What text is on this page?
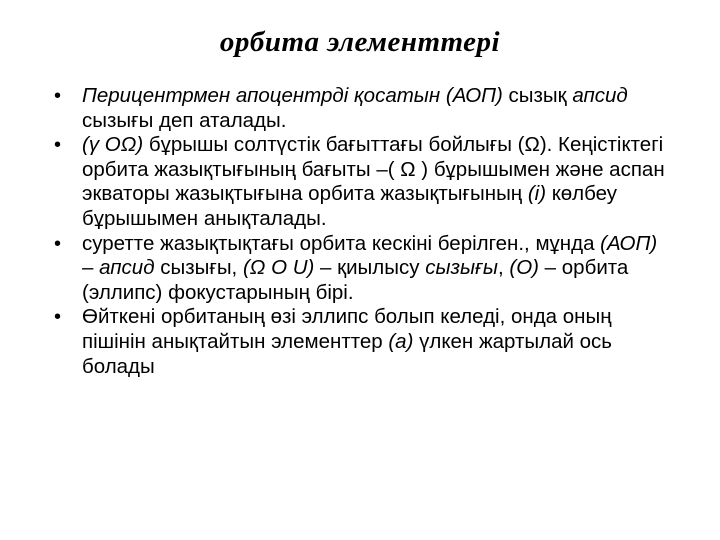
орбита элементтері
•	Перицентрмен апоцентрді қосатын (АОП) сызық апсид сызығы деп аталады.
•	(γ OΩ) бұрышы солтүстік бағыттағы бойлығы (Ω). Кеңістіктегі орбита жазықтығының бағыты –( Ω ) бұрышымен және аспан экваторы жазықтығына орбита жазықтығының (i) көлбеу бұрышымен анықталады.
•	суретте жазықтықтағы орбита кескіні берілген., мұнда (АОП) – апсид сызығы, (Ω O U) – қиылысу сызығы, (О) – орбита (эллипс) фокустарының бірі.
•	Өйткені орбитаның өзі эллипс болып келеді, онда оның пішінін анықтайтын элементтер (a) үлкен жартылай ось болады
